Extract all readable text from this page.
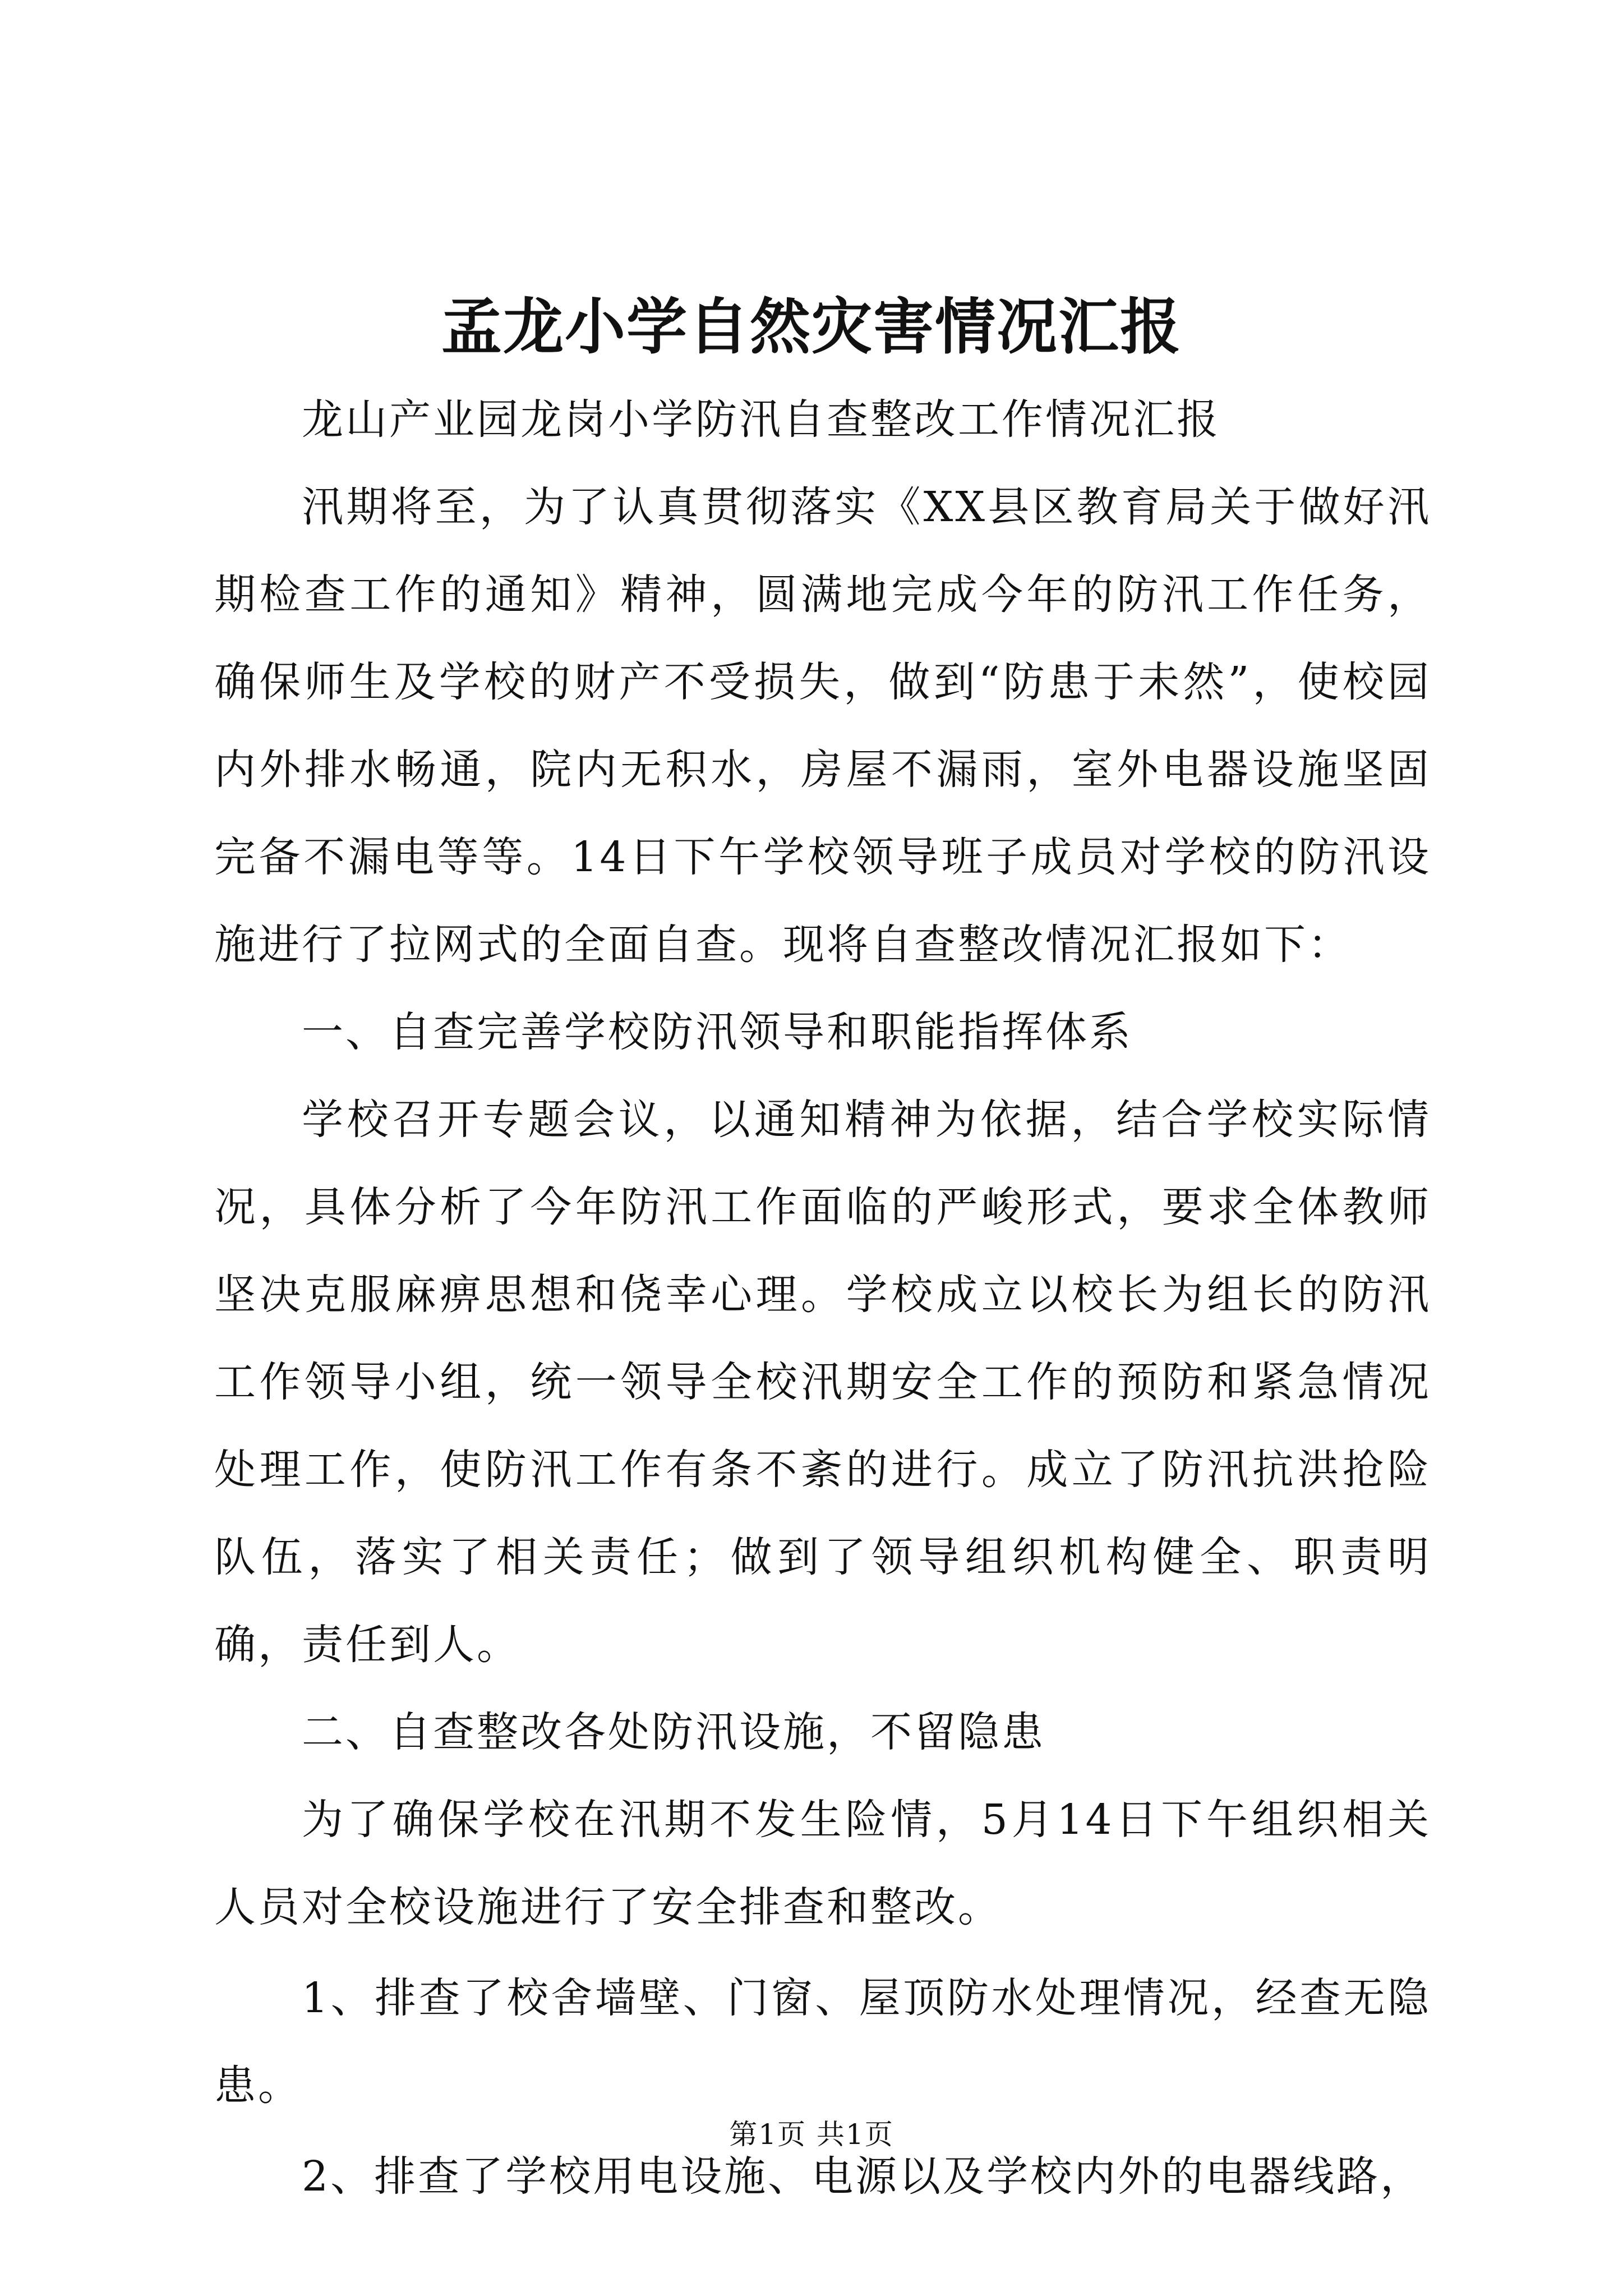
孟龙小学自然灾害情况汇报

龙山产业园龙岗小学防汛自查整改工作情况汇报

汛期将至，为了认真贯彻落实《XX县区教育局关于做好汛期检查工作的通知》精神，圆满地完成今年的防汛工作任务，确保师生及学校的财产不受损失，做到“防患于未然”，使校园内外排水畅通，院内无积水，房屋不漏雨，室外电器设施坚固完备不漏电等等。14日下午学校领导班子成员对学校的防汛设施进行了拉网式的全面自查。现将自查整改情况汇报如下：

一、自查完善学校防汛领导和职能指挥体系

学校召开专题会议，以通知精神为依据，结合学校实际情况，具体分析了今年防汛工作面临的严峻形式，要求全体教师坚决克服麻痹思想和侥幸心理。学校成立以校长为组长的防汛工作领导小组，统一领导全校汛期安全工作的预防和紧急情况处理工作，使防汛工作有条不紊的进行。成立了防汛抗洪抢险队伍，落实了相关责任；做到了领导组织机构健全、职责明确，责任到人。

二、自查整改各处防汛设施，不留隐患

为了确保学校在汛期不发生险情，5月14日下午组织相关人员对全校设施进行了安全排查和整改。

1、排查了校舍墙壁、门窗、屋顶防水处理情况，经查无隐患。

2、排查了学校用电设施、电源以及学校内外的电器线路，

第1页 共1页
